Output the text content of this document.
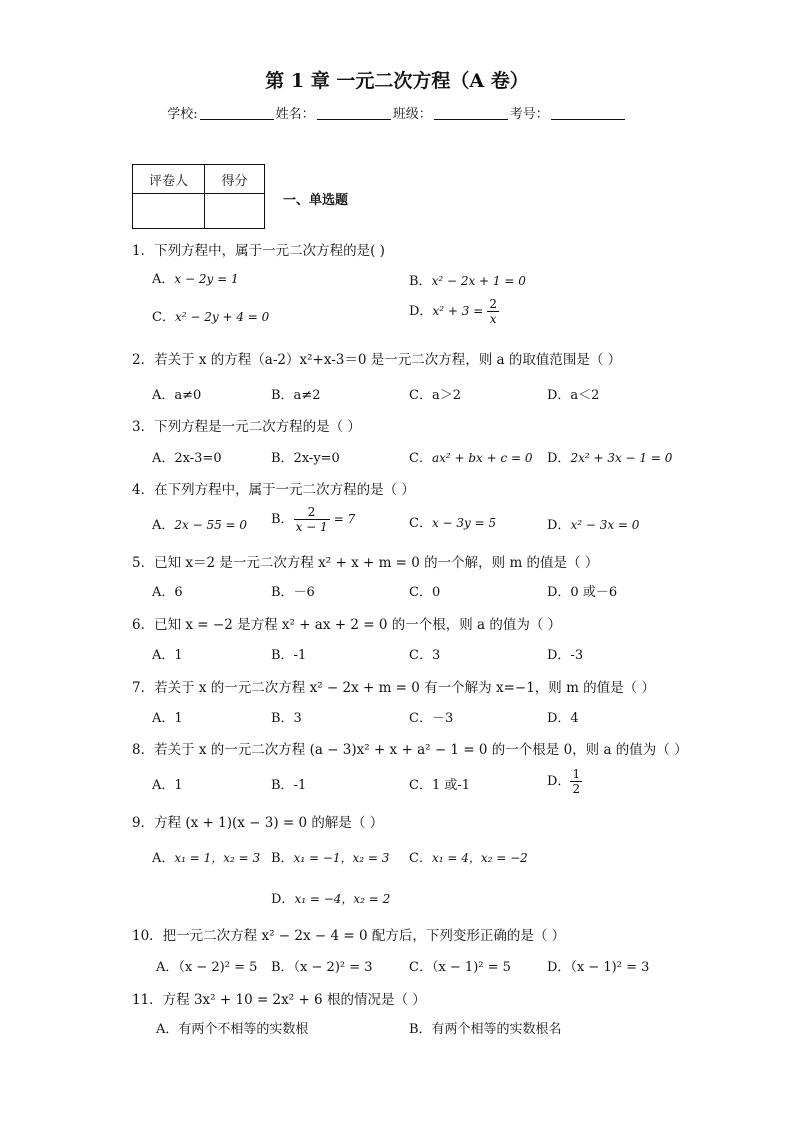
第 1 章 一元二次方程（A 卷）
学校:	姓名：	班级：	考号：
评卷人	得分

一、单选题
1．下列方程中，属于一元二次方程的是( )
A．x − 2y = 1	B．x² − 2x + 1 = 0
C．x² − 2y + 4 = 0	D．$x^2 + 3 = \frac{2}{x}$
2．若关于 x 的方程（a-2）x²+x-3＝0 是一元二次方程，则 a 的取值范围是（ ）
A．a≠0	B．a≠2	C．a＞2	D．a＜2
3．下列方程是一元二次方程的是（ ）
A．2x-3=0	B．2x-y=0	C．ax² + bx + c = 0 D．2x² + 3x − 1 = 0
4．在下列方程中，属于一元二次方程的是（ ）
A．2x − 55 = 0 B． $\frac{2}{x - 1} = 7$	C．x − 3y = 5	D．x² − 3x = 0
5．已知 x＝2 是一元二次方程 x² + x + m = 0 的一个解，则 m 的值是（ ）
A．6	B．－6	C．0	D．0 或－6
6．已知 x = −2 是方程 x² + ax + 2 = 0 的一个根，则 a 的值为（ ）
A．1	B．-1	C．3	D．-3
7．若关于 x 的一元二次方程 x² − 2x + m = 0 有一个解为 x=−1，则 m 的值是（ ）
A．1	B．3	C．－3	D．4
8．若关于 x 的一元二次方程 (a − 3)x² + x + a² − 1 = 0 的一个根是 0，则 a 的值为（ ）
A．1	B．-1	C．1 或-1	D． $\frac{1}{2}$
9．方程 (x + 1)(x − 3) = 0 的解是（ ）
A．x₁ = 1，x₂ = 3 B．x₁ = −1，x₂ = 3 C．x₁ = 4，x₂ = −2
D．x₁ = −4，x₂ = 2
10．把一元二次方程 x² − 2x − 4 = 0 配方后，下列变形正确的是（ ）
A．（x − 2)² = 5 B．（x − 2)² = 3	C．（x − 1)² = 5	D．（x − 1)² = 3
11．方程 3x² + 10 = 2x² + 6 根的情况是（ ）
A．有两个不相等的实数根	B．有两个相等的实数根名
